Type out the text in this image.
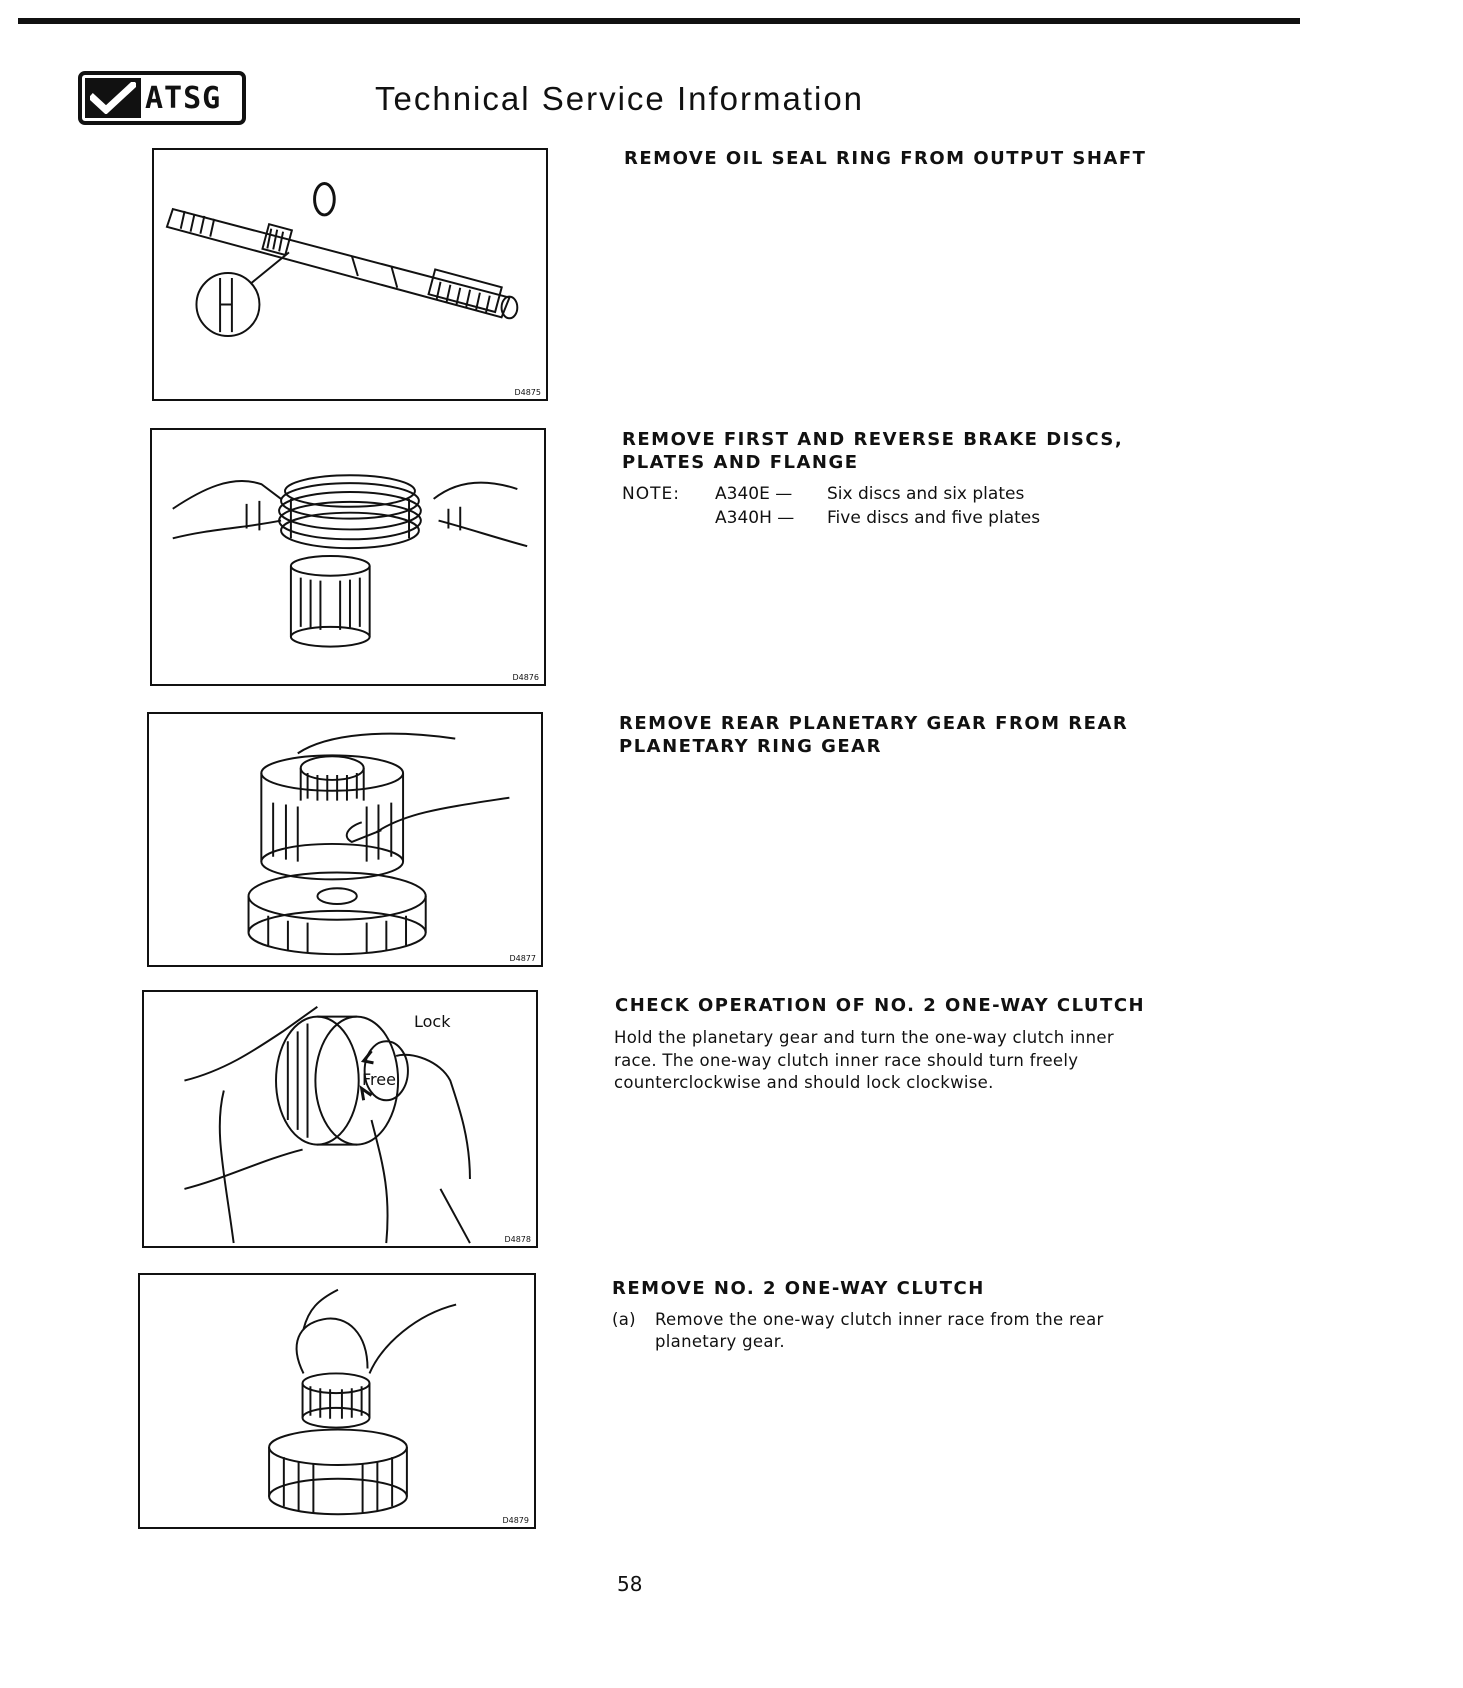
ATSG	Technical Service Information
D4875
REMOVE OIL SEAL RING FROM OUTPUT SHAFT
D4876
REMOVE FIRST AND REVERSE BRAKE DISCS,
PLATES AND FLANGE
NOTE:	A340E —	Six discs and six plates
A340H —	Five discs and five plates
D4877
REMOVE REAR PLANETARY GEAR FROM REAR
PLANETARY RING GEAR
Lock
Free
D4878
CHECK OPERATION OF NO. 2 ONE-WAY CLUTCH
Hold the planetary gear and turn the one-way clutch inner
race. The one-way clutch inner race should turn freely
counterclockwise and should lock clockwise.
D4879
REMOVE NO. 2 ONE-WAY CLUTCH
(a)	Remove the one-way clutch inner race from the rear
planetary gear.
58
